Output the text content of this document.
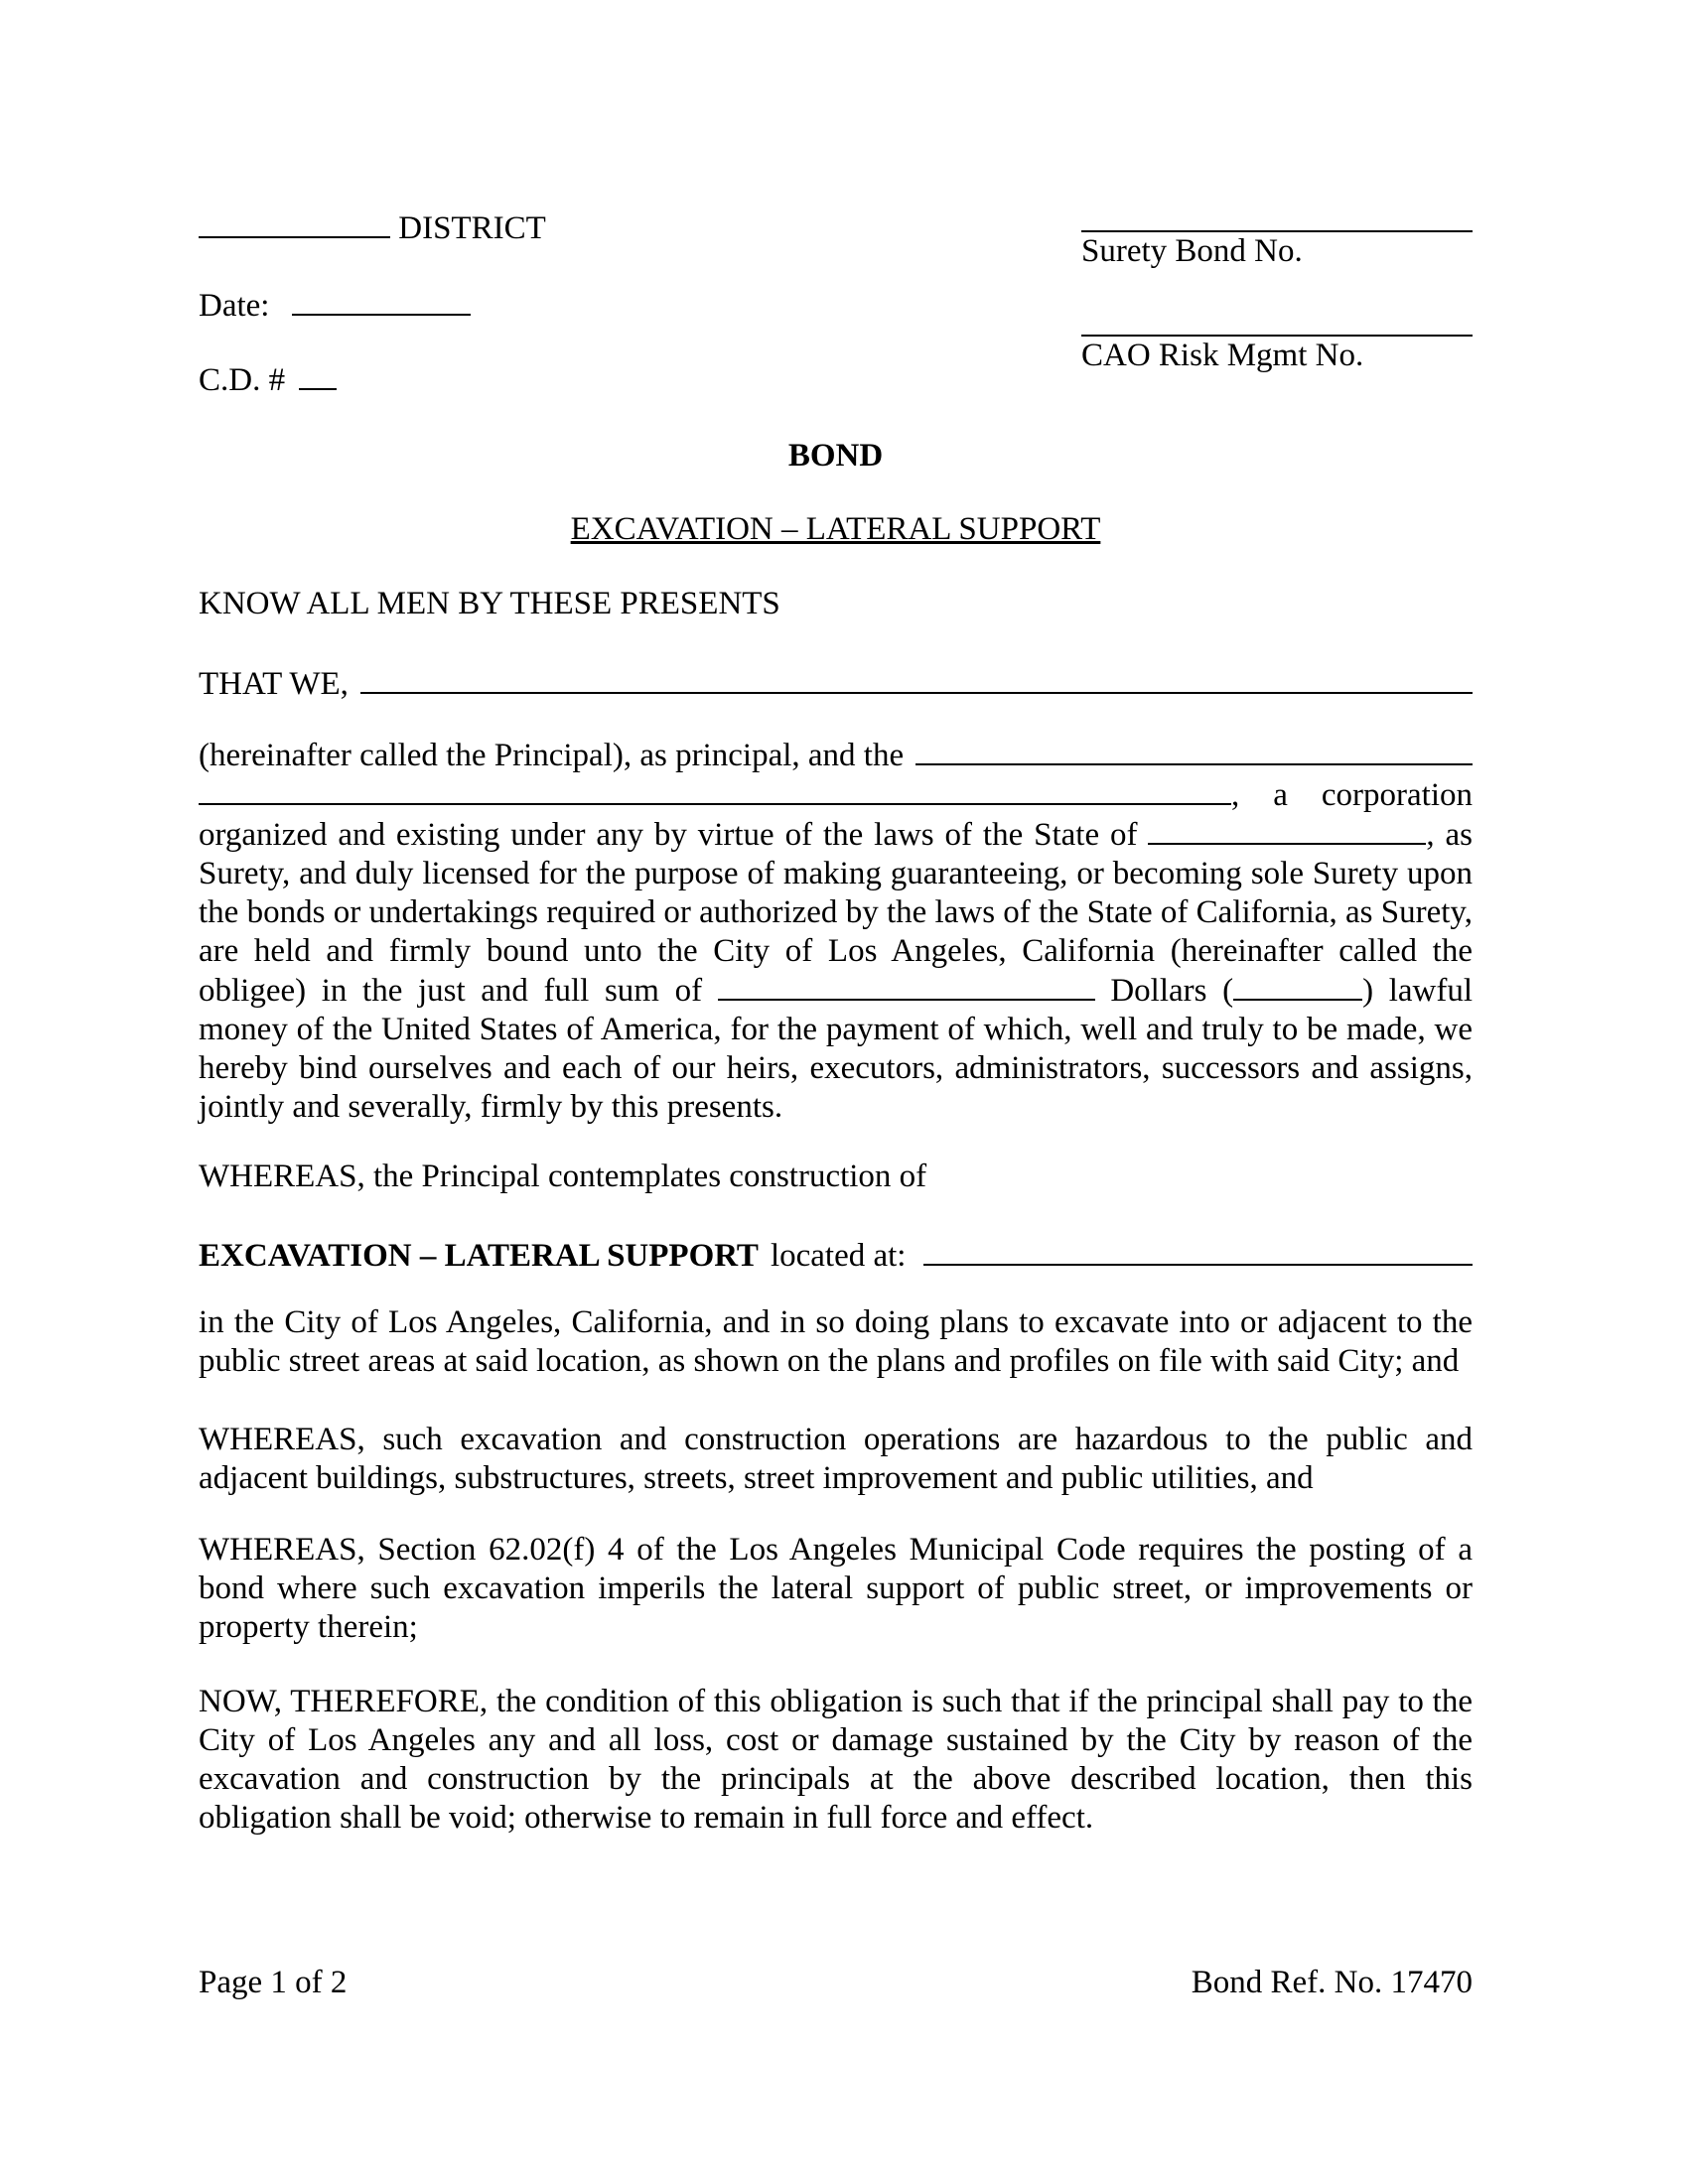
DISTRICT
Date:
C.D. #
Surety Bond No.
CAO Risk Mgmt No.
BOND
EXCAVATION – LATERAL SUPPORT

KNOW ALL MEN BY THESE PRESENTS

THAT WE,
(hereinafter called the Principal), as principal, and the

, a corporation organized and existing under any by virtue of the laws of the State of	, as Surety, and duly licensed for the purpose of making guaranteeing, or becoming sole Surety upon the bonds or undertakings required or authorized by the laws of the State of California, as Surety, are held and firmly bound unto the City of Los Angeles, California (hereinafter called the obligee) in the just and full sum of	Dollars (	) lawful money of the United States of America, for the payment of which, well and truly to be made, we hereby bind ourselves and each of our heirs, executors, administrators, successors and assigns, jointly and severally, firmly by this presents.

WHEREAS, the Principal contemplates construction of

EXCAVATION – LATERAL SUPPORT located at:

in the City of Los Angeles, California, and in so doing plans to excavate into or adjacent to the public street areas at said location, as shown on the plans and profiles on file with said City; and

WHEREAS, such excavation and construction operations are hazardous to the public and adjacent buildings, substructures, streets, street improvement and public utilities, and

WHEREAS, Section 62.02(f) 4 of the Los Angeles Municipal Code requires the posting of a bond where such excavation imperils the lateral support of public street, or improvements or property therein;

NOW, THEREFORE, the condition of this obligation is such that if the principal shall pay to the City of Los Angeles any and all loss, cost or damage sustained by the City by reason of the excavation and construction by the principals at the above described location, then this obligation shall be void; otherwise to remain in full force and effect.

Page 1 of 2	Bond Ref. No. 17470
